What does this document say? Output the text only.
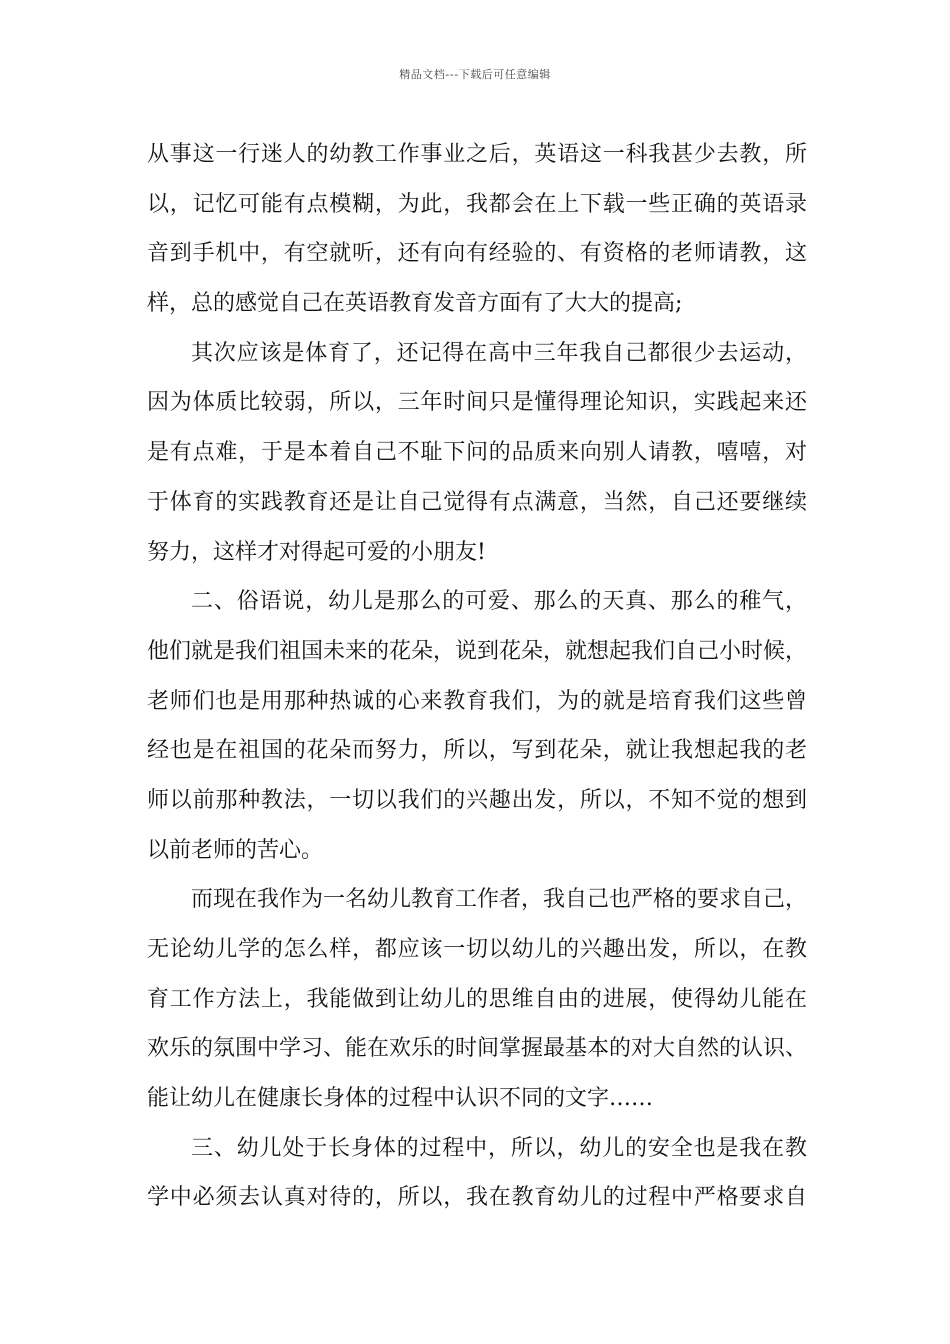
精品文档---下载后可任意编辑
从事这一行迷人的幼教工作事业之后，英语这一科我甚少去教，所
以，记忆可能有点模糊，为此，我都会在上下载一些正确的英语录
音到手机中，有空就听，还有向有经验的、有资格的老师请教，这
样，总的感觉自己在英语教育发音方面有了大大的提高;
其次应该是体育了，还记得在高中三年我自己都很少去运动，
因为体质比较弱，所以，三年时间只是懂得理论知识，实践起来还
是有点难，于是本着自己不耻下问的品质来向别人请教，嘻嘻，对
于体育的实践教育还是让自己觉得有点满意，当然，自己还要继续
努力，这样才对得起可爱的小朋友!
二、俗语说，幼儿是那么的可爱、那么的天真、那么的稚气，
他们就是我们祖国未来的花朵，说到花朵，就想起我们自己小时候，
老师们也是用那种热诚的心来教育我们，为的就是培育我们这些曾
经也是在祖国的花朵而努力，所以，写到花朵，就让我想起我的老
师以前那种教法，一切以我们的兴趣出发，所以，不知不觉的想到
以前老师的苦心。
而现在我作为一名幼儿教育工作者，我自己也严格的要求自己，
无论幼儿学的怎么样，都应该一切以幼儿的兴趣出发，所以，在教
育工作方法上，我能做到让幼儿的思维自由的进展，使得幼儿能在
欢乐的氛围中学习、能在欢乐的时间掌握最基本的对大自然的认识、
能让幼儿在健康长身体的过程中认识不同的文字……
三、幼儿处于长身体的过程中，所以，幼儿的安全也是我在教
学中必须去认真对待的，所以，我在教育幼儿的过程中严格要求自
